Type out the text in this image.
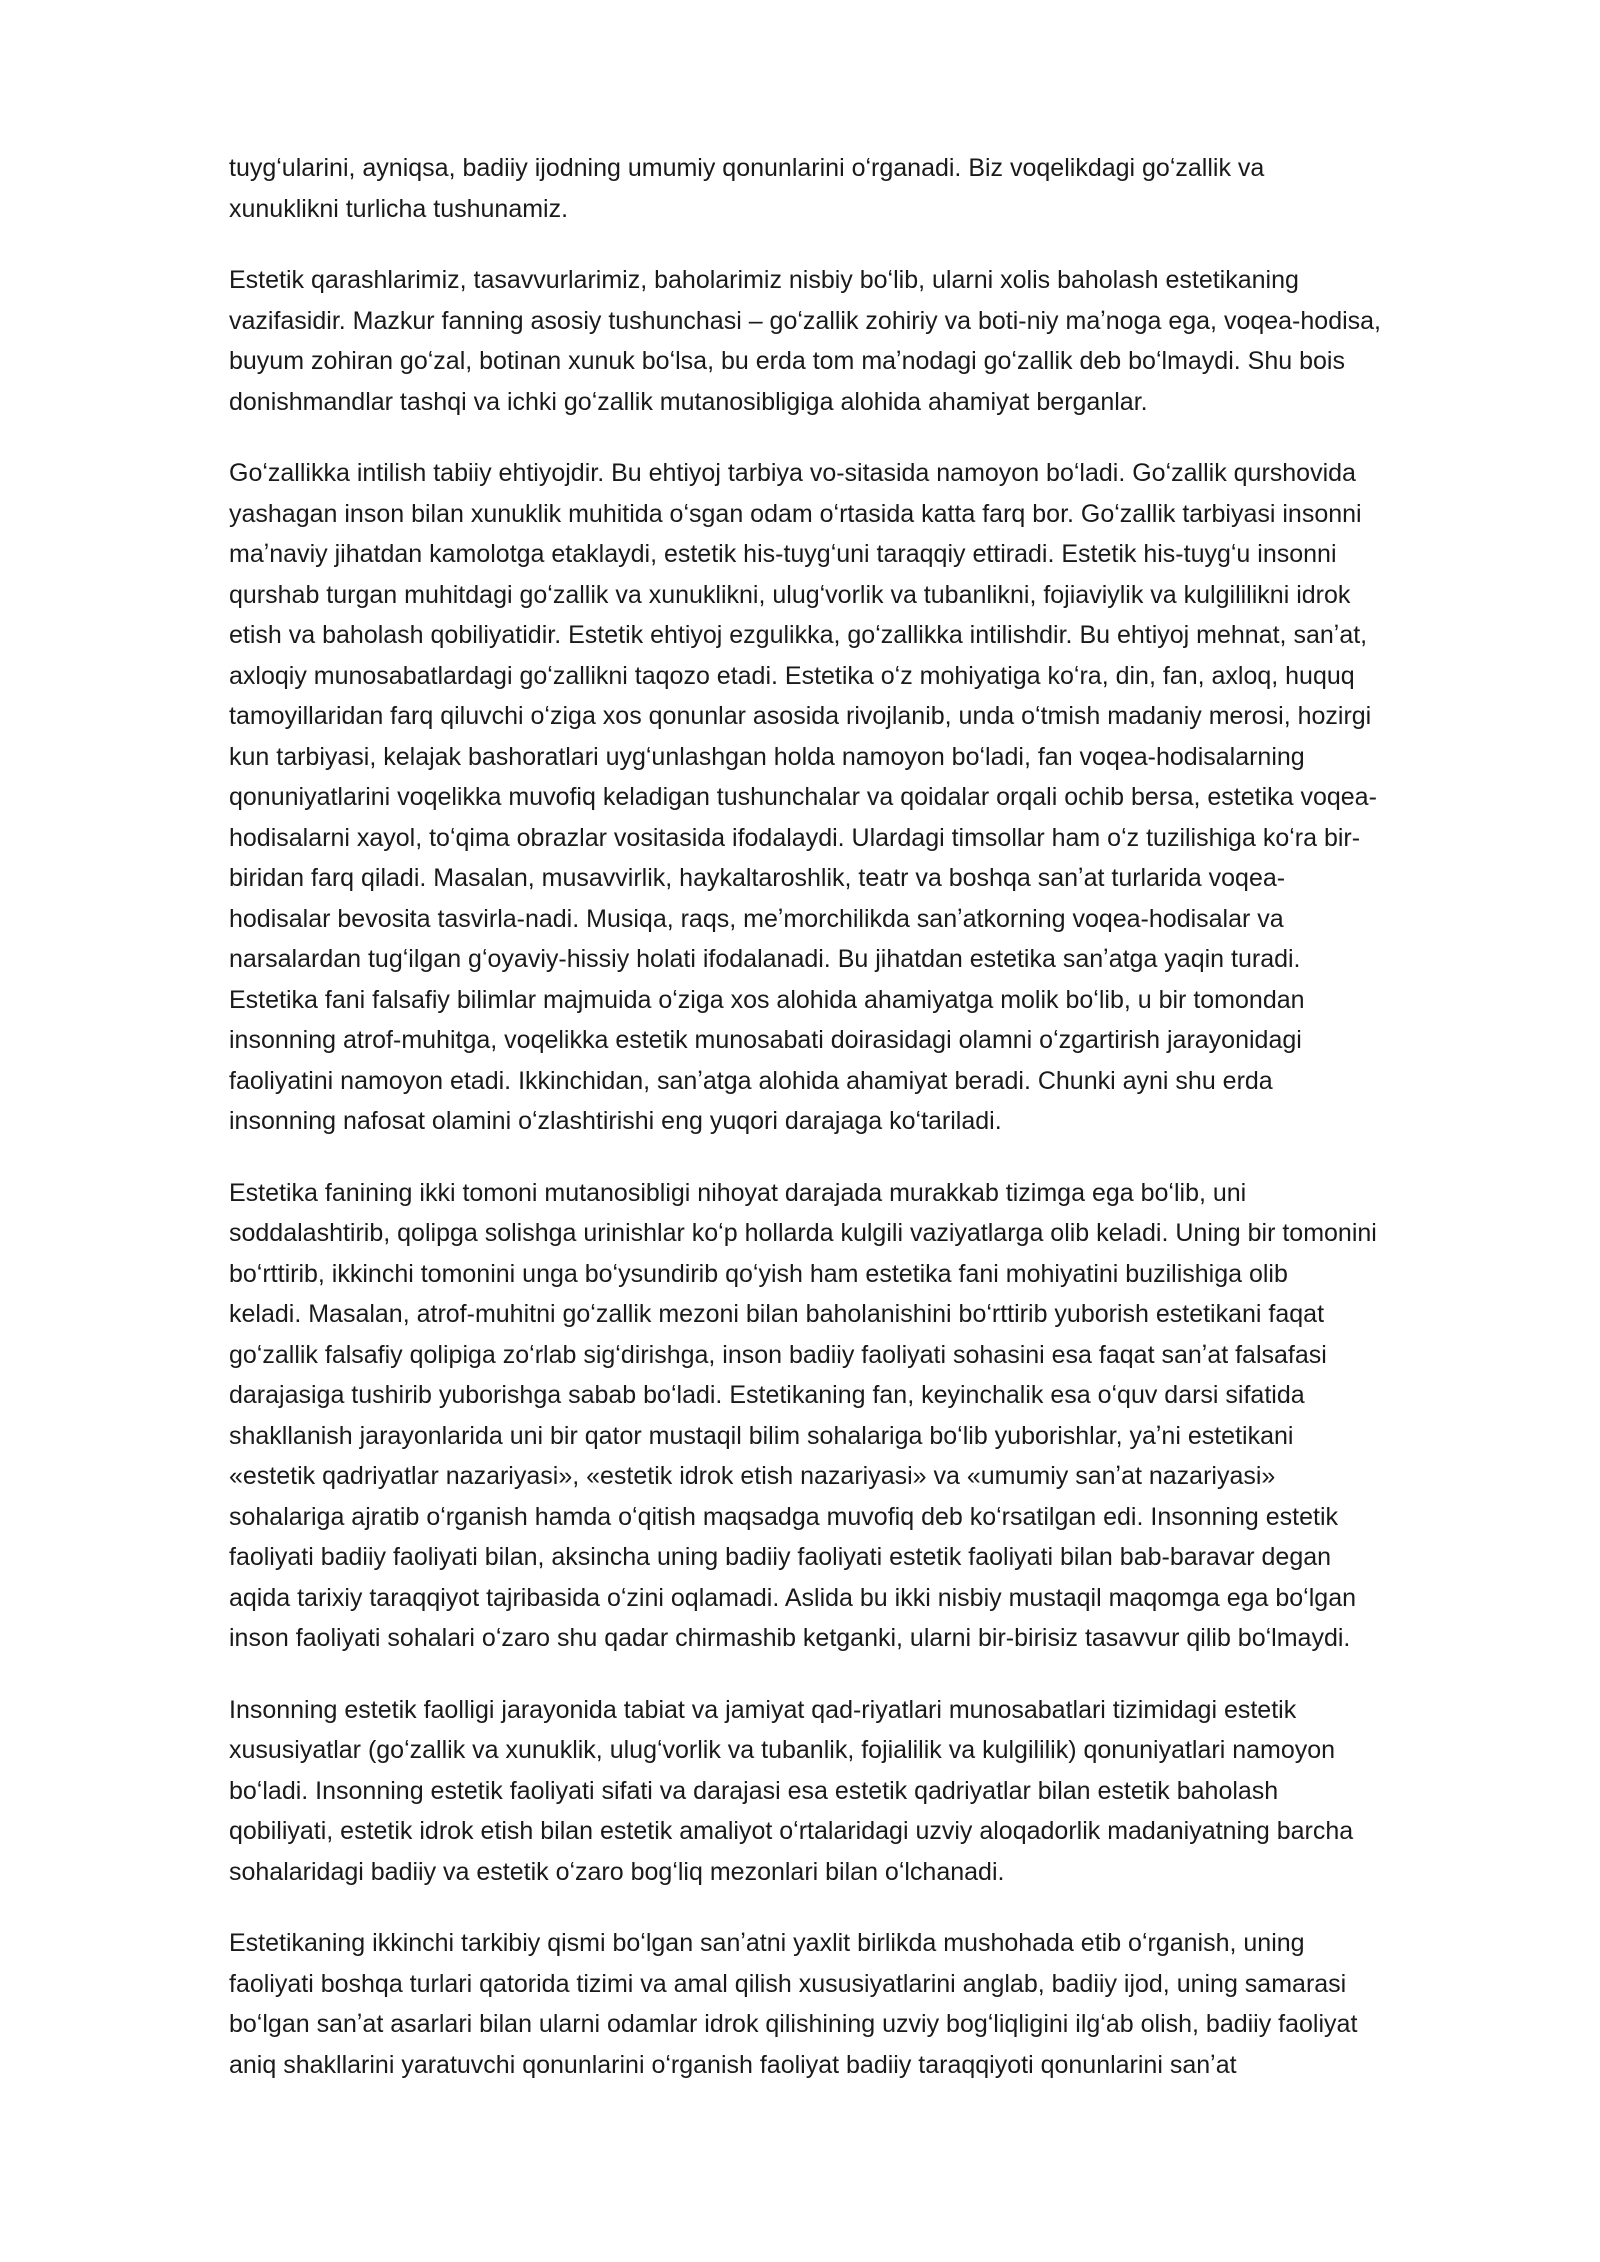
tuygʻularini, ayniqsa, badiiy ijodning umumiy qonunlarini oʻrganadi. Biz voqelikdagi goʻzallik va
xunuklikni turlicha tushunamiz.
Estetik qarashlarimiz, tasavvurlarimiz, baholarimiz nisbiy boʻlib, ularni xolis baholash estetikaning
vazifasidir. Mazkur fanning asosiy tushunchasi – goʻzallik zohiriy va boti-niy maʼnoga ega, voqea-hodisa,
buyum zohiran goʻzal, botinan xunuk boʻlsa, bu erda tom maʼnodagi goʻzallik deb boʻlmaydi. Shu bois
donishmandlar tashqi va ichki goʻzallik mutanosibligiga alohida ahamiyat berganlar.
Goʻzallikka intilish tabiiy ehtiyojdir. Bu ehtiyoj tarbiya vo-sitasida namoyon boʻladi. Goʻzallik qurshovida
yashagan inson bilan xunuklik muhitida oʻsgan odam oʻrtasida katta farq bor. Goʻzallik tarbiyasi insonni
maʼnaviy jihatdan kamolotga etaklaydi, estetik his-tuygʻuni taraqqiy ettiradi. Estetik his-tuygʻu insonni
qurshab turgan muhitdagi goʻzallik va xunuklikni, ulugʻvorlik va tubanlikni, fojiaviylik va kulgililikni idrok
etish va baholash qobiliyatidir. Estetik ehtiyoj ezgulikka, goʻzallikka intilishdir. Bu ehtiyoj mehnat, sanʼat,
axloqiy munosabatlardagi goʻzallikni taqozo etadi. Estetika oʻz mohiyatiga koʻra, din, fan, axloq, huquq
tamoyillaridan farq qiluvchi oʻziga xos qonunlar asosida rivojlanib, unda oʻtmish madaniy merosi, hozirgi
kun tarbiyasi, kelajak bashoratlari uygʻunlashgan holda namoyon boʻladi, fan voqea-hodisalarning
qonuniyatlarini voqelikka muvofiq keladigan tushunchalar va qoidalar orqali ochib bersa, estetika voqea-
hodisalarni xayol, toʻqima obrazlar vositasida ifodalaydi. Ulardagi timsollar ham oʻz tuzilishiga koʻra bir-
biridan farq qiladi. Masalan, musavvirlik, haykaltaroshlik, teatr va boshqa sanʼat turlarida voqea-
hodisalar bevosita tasvirla-nadi. Musiqa, raqs, meʼmorchilikda sanʼatkorning voqea-hodisalar va
narsalardan tugʻilgan gʻoyaviy-hissiy holati ifodalanadi. Bu jihatdan estetika sanʼatga yaqin turadi.
Estetika fani falsafiy bilimlar majmuida oʻziga xos alohida ahamiyatga molik boʻlib, u bir tomondan
insonning atrof-muhitga, voqelikka estetik munosabati doirasidagi olamni oʻzgartirish jarayonidagi
faoliyatini namoyon etadi. Ikkinchidan, sanʼatga alohida ahamiyat beradi. Chunki ayni shu erda
insonning nafosat olamini oʻzlashtirishi eng yuqori darajaga koʻtariladi.
Estetika fanining ikki tomoni mutanosibligi nihoyat darajada murakkab tizimga ega boʻlib, uni
soddalashtirib, qolipga solishga urinishlar koʻp hollarda kulgili vaziyatlarga olib keladi. Uning bir tomonini
boʻrttirib, ikkinchi tomonini unga boʻysundirib qoʻyish ham estetika fani mohiyatini buzilishiga olib
keladi. Masalan, atrof-muhitni goʻzallik mezoni bilan baholanishini boʻrttirib yuborish estetikani faqat
goʻzallik falsafiy qolipiga zoʻrlab sigʻdirishga, inson badiiy faoliyati sohasini esa faqat sanʼat falsafasi
darajasiga tushirib yuborishga sabab boʻladi. Estetikaning fan, keyinchalik esa oʻquv darsi sifatida
shakllanish jarayonlarida uni bir qator mustaqil bilim sohalariga boʻlib yuborishlar, yaʼni estetikani
«estetik qadriyatlar nazariyasi», «estetik idrok etish nazariyasi» va «umumiy sanʼat nazariyasi»
sohalariga ajratib oʻrganish hamda oʻqitish maqsadga muvofiq deb koʻrsatilgan edi. Insonning estetik
faoliyati badiiy faoliyati bilan, aksincha uning badiiy faoliyati estetik faoliyati bilan bab-baravar degan
aqida tarixiy taraqqiyot tajribasida oʻzini oqlamadi. Aslida bu ikki nisbiy mustaqil maqomga ega boʻlgan
inson faoliyati sohalari oʻzaro shu qadar chirmashib ketganki, ularni bir-birisiz tasavvur qilib boʻlmaydi.
Insonning estetik faolligi jarayonida tabiat va jamiyat qad-riyatlari munosabatlari tizimidagi estetik
xususiyatlar (goʻzallik va xunuklik, ulugʻvorlik va tubanlik, fojialilik va kulgililik) qonuniyatlari namoyon
boʻladi. Insonning estetik faoliyati sifati va darajasi esa estetik qadriyatlar bilan estetik baholash
qobiliyati, estetik idrok etish bilan estetik amaliyot oʻrtalaridagi uzviy aloqadorlik madaniyatning barcha
sohalaridagi badiiy va estetik oʻzaro bogʻliq mezonlari bilan oʻlchanadi.
Estetikaning ikkinchi tarkibiy qismi boʻlgan sanʼatni yaxlit birlikda mushohada etib oʻrganish, uning
faoliyati boshqa turlari qatorida tizimi va amal qilish xususiyatlarini anglab, badiiy ijod, uning samarasi
boʻlgan sanʼat asarlari bilan ularni odamlar idrok qilishining uzviy bogʻliqligini ilgʻab olish, badiiy faoliyat
aniq shakllarini yaratuvchi qonunlarini oʻrganish faoliyat badiiy taraqqiyoti qonunlarini sanʼat
